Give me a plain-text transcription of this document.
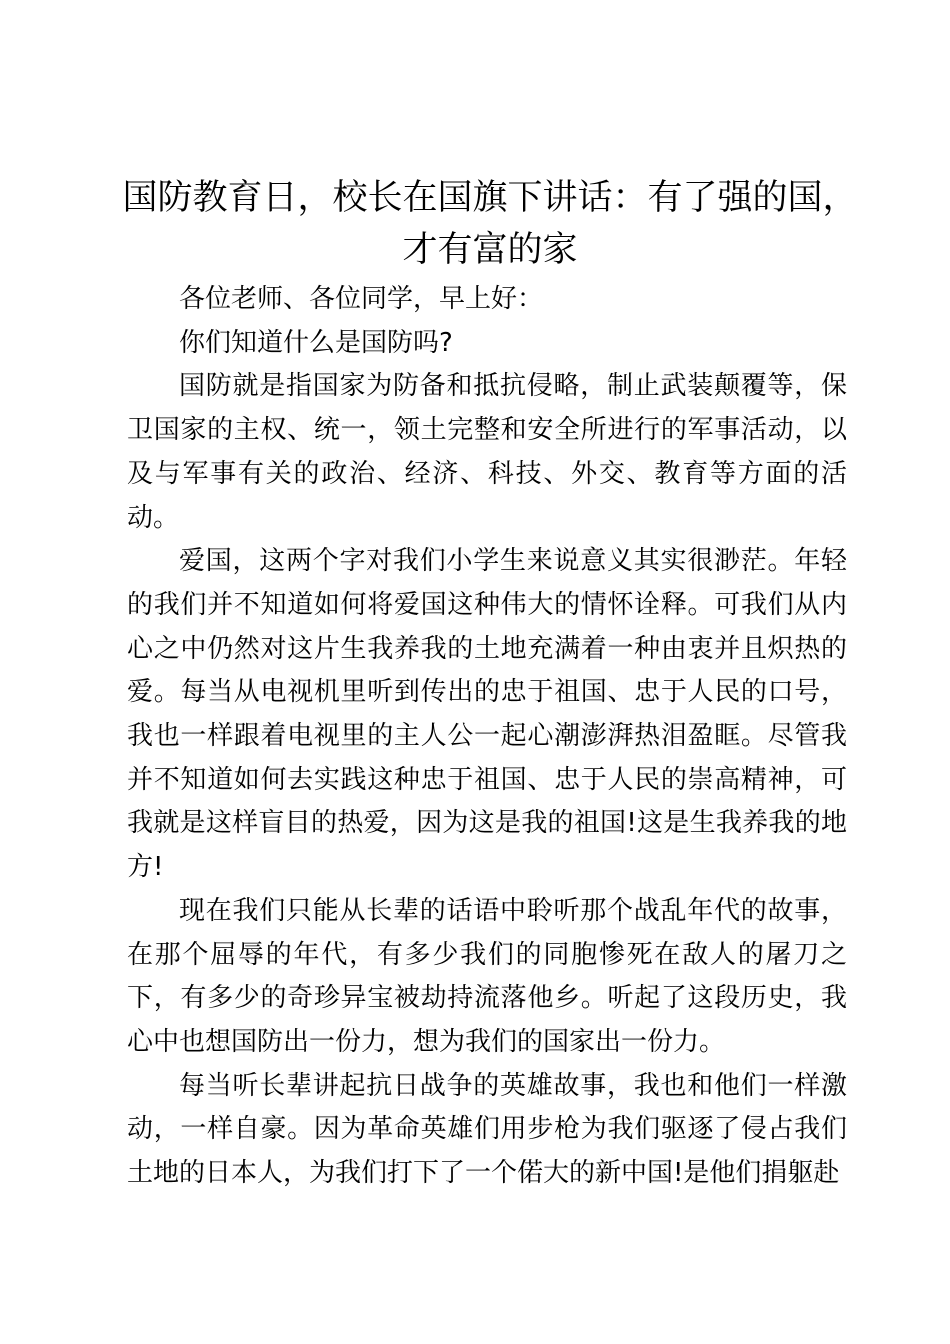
国防教育日，校长在国旗下讲话：有了强的国，才有富的家

各位老师、各位同学，早上好：

你们知道什么是国防吗?

国防就是指国家为防备和抵抗侵略，制止武装颠覆等，保卫国家的主权、统一，领土完整和安全所进行的军事活动，以及与军事有关的政治、经济、科技、外交、教育等方面的活动。

爱国，这两个字对我们小学生来说意义其实很渺茫。年轻的我们并不知道如何将爱国这种伟大的情怀诠释。可我们从内心之中仍然对这片生我养我的土地充满着一种由衷并且炽热的爱。每当从电视机里听到传出的忠于祖国、忠于人民的口号，我也一样跟着电视里的主人公一起心潮澎湃热泪盈眶。尽管我并不知道如何去实践这种忠于祖国、忠于人民的崇高精神，可我就是这样盲目的热爱，因为这是我的祖国!这是生我养我的地方!

现在我们只能从长辈的话语中聆听那个战乱年代的故事，在那个屈辱的年代，有多少我们的同胞惨死在敌人的屠刀之下，有多少的奇珍异宝被劫持流落他乡。听起了这段历史，我心中也想国防出一份力，想为我们的国家出一份力。

每当听长辈讲起抗日战争的英雄故事，我也和他们一样激动，一样自豪。因为革命英雄们用步枪为我们驱逐了侵占我们土地的日本人，为我们打下了一个偌大的新中国!是他们捐躯赴
